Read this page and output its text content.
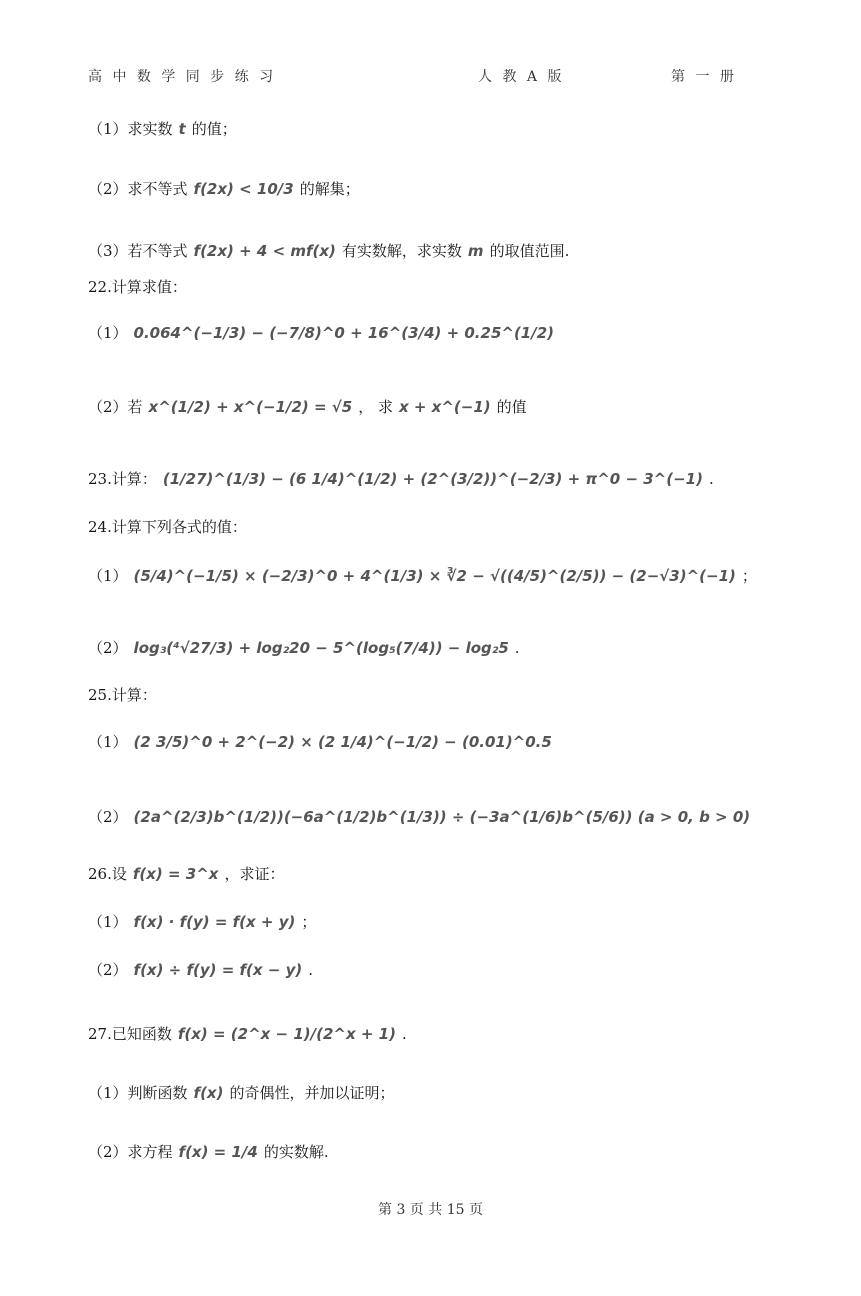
高 中 数 学 同 步 练 习	人 教 A 版	第 一 册
（1）求实数 t 的值；
（2）求不等式 f(2x) < 10/3 的解集；
（3）若不等式 f(2x) + 4 < mf(x) 有实数解，求实数 m 的取值范围.
22.计算求值：
（1） 0.064^(−1/3) − (−7/8)^0 + 16^(3/4) + 0.25^(1/2)
（2）若 x^(1/2) + x^(−1/2) = √5 ， 求 x + x^(−1) 的值
23.计算： (1/27)^(1/3) − (6 1/4)^(1/2) + (2^(3/2))^(−2/3) + π^0 − 3^(−1) .
24.计算下列各式的值：
（1） (5/4)^(−1/5) × (−2/3)^0 + 4^(1/3) × ∛2 − √((4/5)^(2/5)) − (2−√3)^(−1) ；
（2） log₃(⁴√27/3) + log₂20 − 5^(log₅(7/4)) − log₂5 .
25.计算：
（1） (2 3/5)^0 + 2^(−2) × (2 1/4)^(−1/2) − (0.01)^0.5
（2） (2a^(2/3)b^(1/2))(−6a^(1/2)b^(1/3)) ÷ (−3a^(1/6)b^(5/6)) (a > 0, b > 0)
26.设 f(x) = 3^x ，求证：
（1） f(x) · f(y) = f(x + y) ；
（2） f(x) ÷ f(y) = f(x − y) .
27.已知函数 f(x) = (2^x − 1)/(2^x + 1) .
（1）判断函数 f(x) 的奇偶性，并加以证明；
（2）求方程 f(x) = 1/4 的实数解.
第 3 页 共 15 页
